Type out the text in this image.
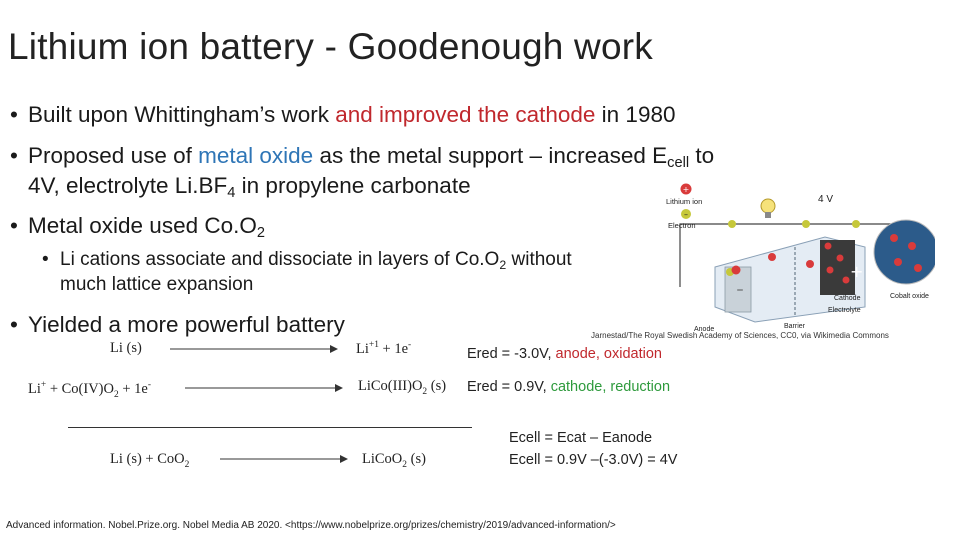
Lithium ion battery - Goodenough work
• Built upon Whittingham’s work and improved the cathode in 1980
• Proposed use of metal oxide as the metal support – increased $E_{cell}$ to
4V, electrolyte $Li.BF_4$ in propylene carbonate
• Metal oxide used $Co.O_2$
• Li cations associate and dissociate in layers of $Co.O_2$ without
much lattice expansion
• Yielded a more powerful battery
+
Lithium ion
–
Electron
4 V
–
+
Cathode	Cobalt oxide
Electrolyte
Barrier
Anode
Jarnestad/The Royal Swedish Academy of Sciences, CC0, via Wikimedia Commons
Li (s)	$Li^{+1} + 1e^-$
Ered = -3.0V, anode, oxidation
$Li^+ + Co(IV)O_2 + 1e^-$	$LiCo(III)O_2$ (s) Ered = 0.9V, cathode, reduction
Ecell = Ecat – Eanode
Li (s) + CoO$_2$	LiCoO$_2$ (s)	Ecell = 0.9V –(-3.0V) = 4V
Advanced information. Nobel.Prize.org. Nobel Media AB 2020. <https://www.nobelprize.org/prizes/chemistry/2019/advanced-information/>
